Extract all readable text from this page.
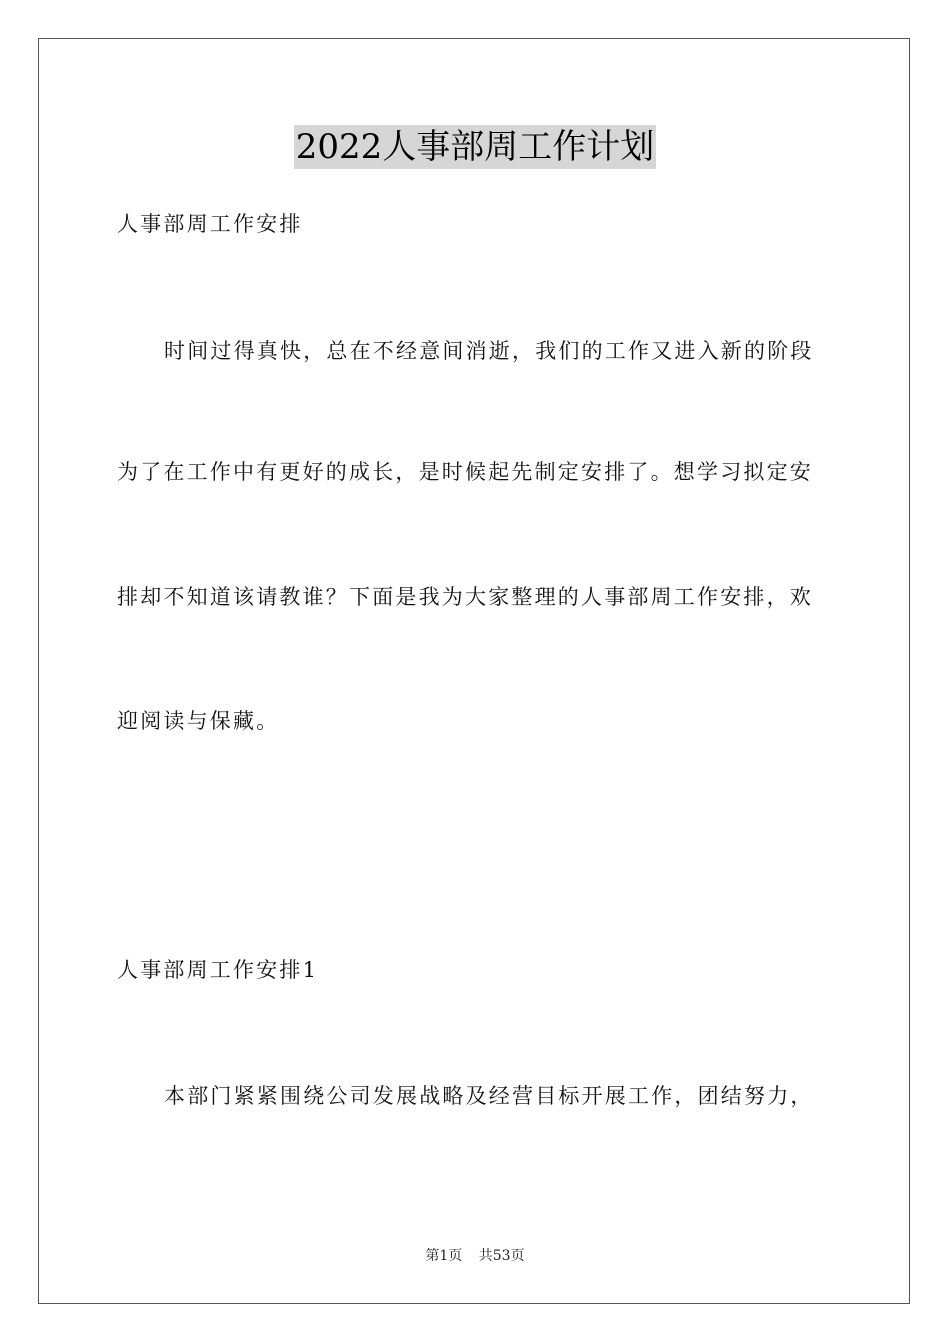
2022人事部周工作计划
人事部周工作安排
时间过得真快，总在不经意间消逝，我们的工作又进入新的阶段
为了在工作中有更好的成长，是时候起先制定安排了。想学习拟定安
排却不知道该请教谁？下面是我为大家整理的人事部周工作安排，欢
迎阅读与保藏。
人事部周工作安排1
本部门紧紧围绕公司发展战略及经营目标开展工作，团结努力，
第1页 共53页
